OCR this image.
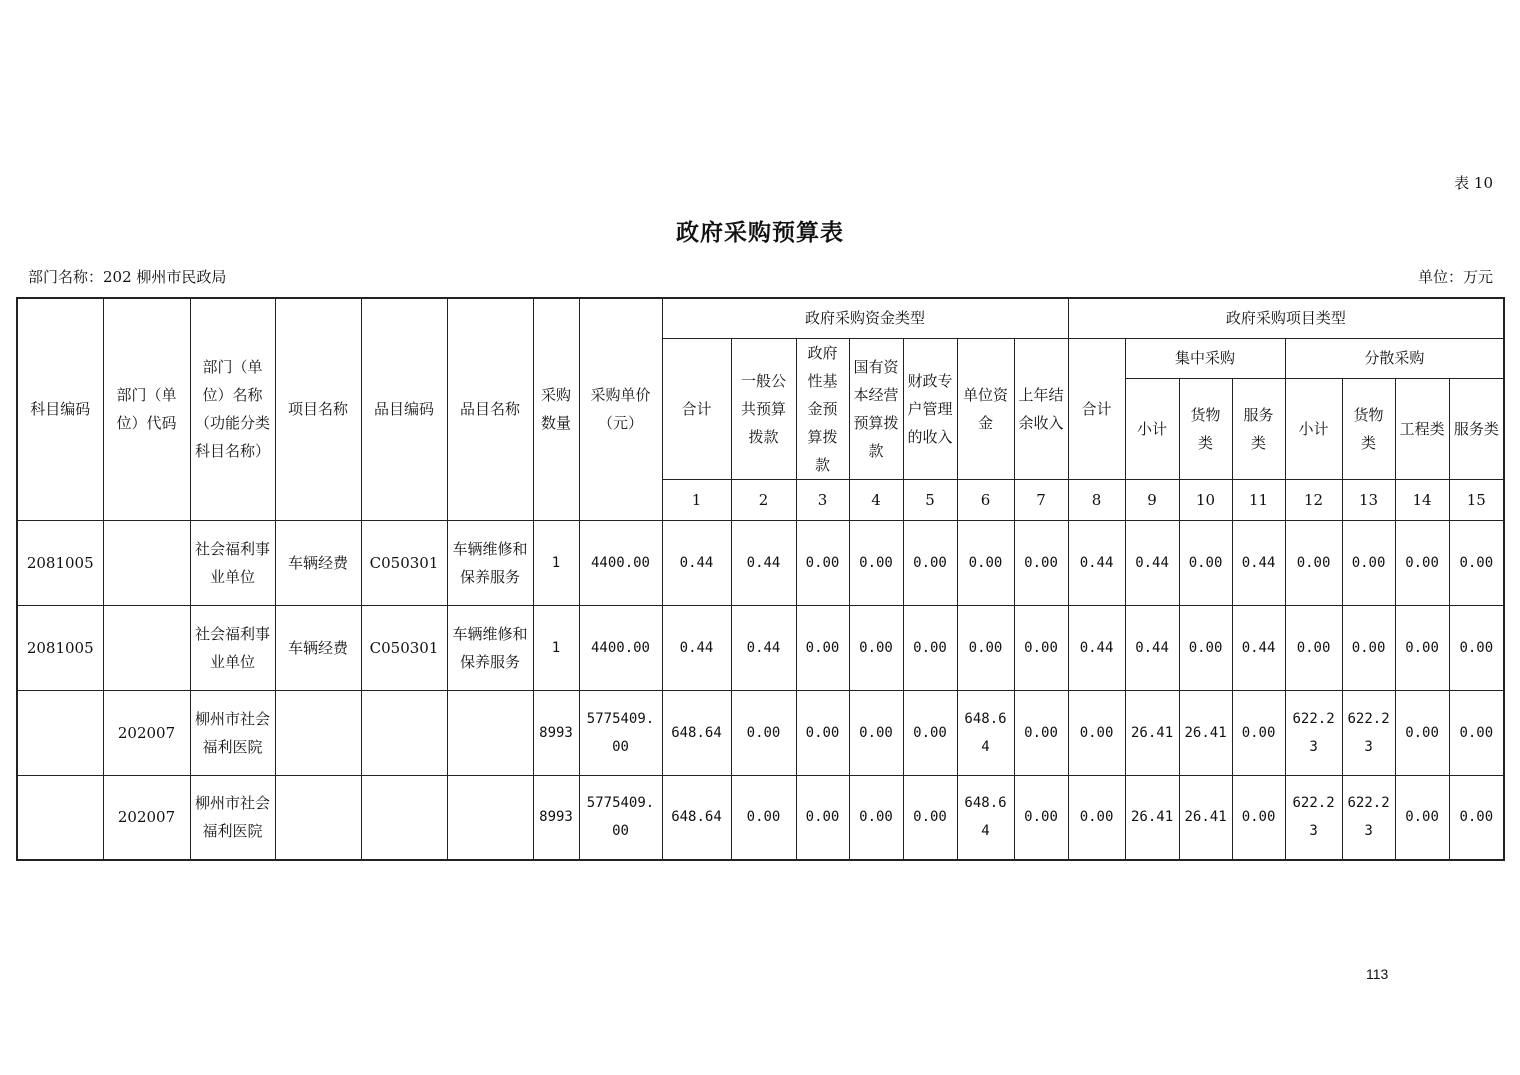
表 10
政府采购预算表
部门名称：202 柳州市民政局	单位：万元
科目编码	部门（单位）代码	部门（单位）名称（功能分类科目名称）	项目名称	品目编码	品目名称	采购数量	采购单价（元）	政府采购资金类型							政府采购项目类型							
								合计	一般公共预算拨款	政府性基金预算拨款	国有资本经营预算拨款	财政专户管理的收入	单位资金	上年结余收入	合计	集中采购			分散采购			
																小计	货物类	服务类	小计	货物类	工程类	服务类
								1	2	3	4	5	6	7	8	9	10	11	12	13	14	15
2081005		社会福利事业单位	车辆经费	C050301	车辆维修和保养服务	1	4400.00	0.44	0.44	0.00	0.00	0.00	0.00	0.00	0.44	0.44	0.00	0.44	0.00	0.00	0.00	0.00
2081005		社会福利事业单位	车辆经费	C050301	车辆维修和保养服务	1	4400.00	0.44	0.44	0.00	0.00	0.00	0.00	0.00	0.44	0.44	0.00	0.44	0.00	0.00	0.00	0.00
	202007	柳州市社会福利医院				8993	5775409.00	648.64	0.00	0.00	0.00	0.00	648.64	0.00	0.00	26.41	26.41	0.00	622.23	622.23	0.00	0.00
	202007	柳州市社会福利医院				8993	5775409.00	648.64	0.00	0.00	0.00	0.00	648.64	0.00	0.00	26.41	26.41	0.00	622.23	622.23	0.00	0.00
113
